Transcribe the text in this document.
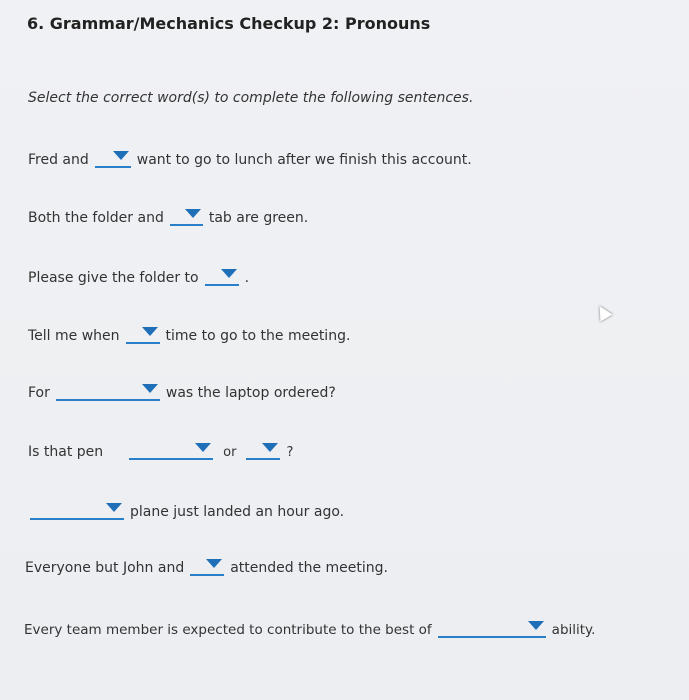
6. Grammar/Mechanics Checkup 2: Pronouns
Select the correct word(s) to complete the following sentences.
Fred and	want to go to lunch after we finish this account.
Both the folder and	tab are green.
Please give the folder to	.
Tell me when	time to go to the meeting.
For	was the laptop ordered?
Is that pen	or	?
plane just landed an hour ago.
Everyone but John and	attended the meeting.
Every team member is expected to contribute to the best of	ability.
